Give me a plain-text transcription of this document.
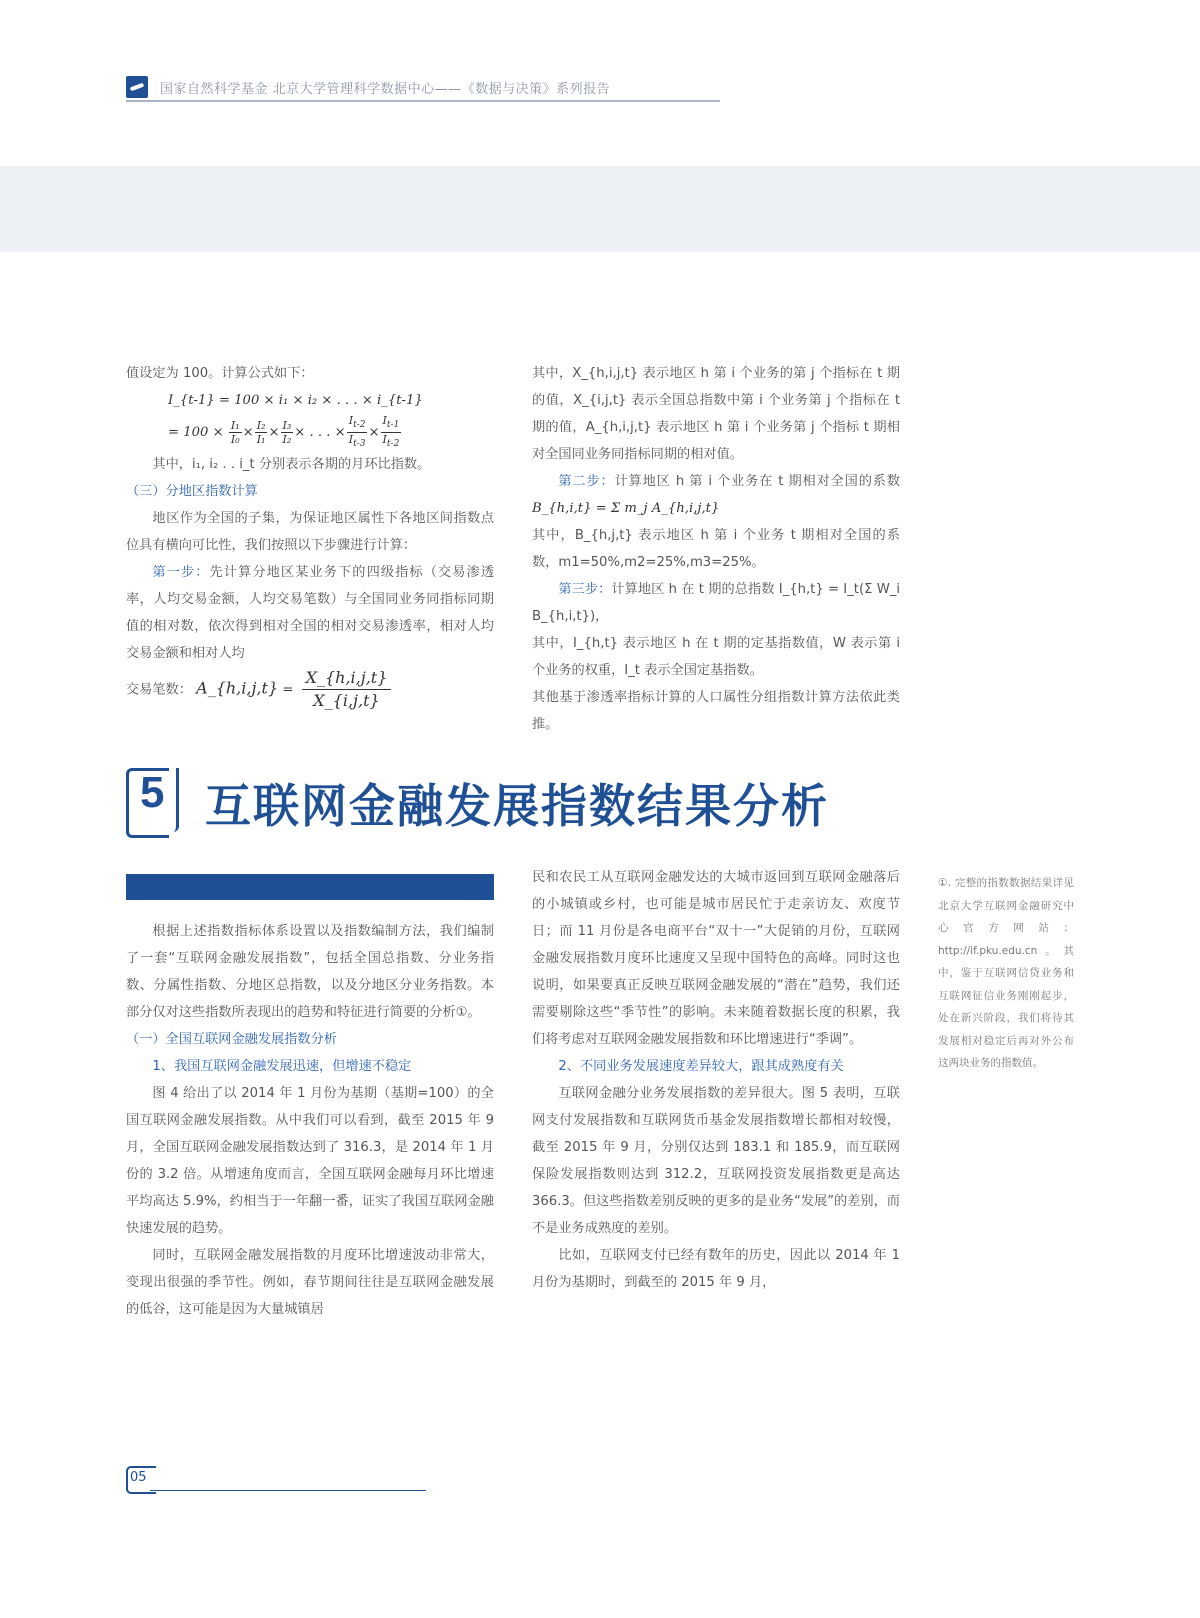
国家自然科学基金 北京大学管理科学数据中心——《数据与决策》系列报告

值设定为 100。计算公式如下：

I_{t-1} = 100 × i₁ × i₂ × . . . × i_{t-1}

= $100 \times \frac{\text{I₁}}{\text{I₀}} \times \frac{\text{I₂}}{\text{I₁}} \times \frac{\text{I₃}}{\text{I₂}}$ × . . . × $\frac{I_{t-2}}{I_{t-3}} \times \frac{I_{t-1}}{I_{t-2}}$

其中，i₁, i₂ . . i_t 分别表示各期的月环比指数。

（三）分地区指数计算

地区作为全国的子集，为保证地区属性下各地区间指数点位具有横向可比性，我们按照以下步骤进行计算：

第一步：先计算分地区某业务下的四级指标（交易渗透率，人均交易金额，人均交易笔数）与全国同业务同指标同期值的相对数，依次得到相对全国的相对交易渗透率，相对人均交易金额和相对人均

交易笔数： A_{h,i,j,t} = $\frac{X\_\{h,i,j,t\}}{X\_\{i,j,t\}}$

其中，X_{h,i,j,t} 表示地区 h 第 i 个业务的第 j 个指标在 t 期的值，X_{i,j,t} 表示全国总指数中第 i 个业务第 j 个指标在 t 期的值，A_{h,i,j,t} 表示地区 h 第 i 个业务第 j 个指标 t 期相对全国同业务同指标同期的相对值。

第二步：计算地区 h 第 i 个业务在 t 期相对全国的系数 B_{h,i,t} = Σ m_j A_{h,i,j,t}

其中，B_{h,j,t} 表示地区 h 第 i 个业务 t 期相对全国的系数，m1=50%,m2=25%,m3=25%。

第三步：计算地区 h 在 t 期的总指数 I_{h,t} = I_t(Σ W_i B_{h,i,t})，

其中，I_{h,t} 表示地区 h 在 t 期的定基指数值，W 表示第 i 个业务的权重，I_t 表示全国定基指数。

其他基于渗透率指标计算的人口属性分组指数计算方法依此类推。

5 互联网金融发展指数结果分析

根据上述指数指标体系设置以及指数编制方法，我们编制了一套“互联网金融发展指数”，包括全国总指数、分业务指数、分属性指数、分地区总指数，以及分地区分业务指数。本部分仅对这些指数所表现出的趋势和特征进行简要的分析①。

（一）全国互联网金融发展指数分析

1、我国互联网金融发展迅速，但增速不稳定

图 4 给出了以 2014 年 1 月份为基期（基期=100）的全国互联网金融发展指数。从中我们可以看到，截至 2015 年 9 月，全国互联网金融发展指数达到了 316.3，是 2014 年 1 月份的 3.2 倍。从增速角度而言，全国互联网金融每月环比增速平均高达 5.9%，约相当于一年翻一番，证实了我国互联网金融快速发展的趋势。

同时，互联网金融发展指数的月度环比增速波动非常大，变现出很强的季节性。例如，春节期间往往是互联网金融发展的低谷，这可能是因为大量城镇居

民和农民工从互联网金融发达的大城市返回到互联网金融落后的小城镇或乡村，也可能是城市居民忙于走亲访友、欢度节日；而 11 月份是各电商平台“双十一”大促销的月份，互联网金融发展指数月度环比速度又呈现中国特色的高峰。同时这也说明，如果要真正反映互联网金融发展的“潜在”趋势，我们还需要剔除这些“季节性”的影响。未来随着数据长度的积累，我们将考虑对互联网金融发展指数和环比增速进行“季调”。

2、不同业务发展速度差异较大，跟其成熟度有关

互联网金融分业务发展指数的差异很大。图 5 表明，互联网支付发展指数和互联网货币基金发展指数增长都相对较慢，截至 2015 年 9 月，分别仅达到 183.1 和 185.9，而互联网保险发展指数则达到 312.2，互联网投资发展指数更是高达 366.3。但这些指数差别反映的更多的是业务“发展”的差别，而不是业务成熟度的差别。

比如，互联网支付已经有数年的历史，因此以 2014 年 1 月份为基期时，到截至的 2015 年 9 月，

①. 完整的指数数据结果详见北京大学互联网金融研究中心官方网站：http://if.pku.edu.cn。其中，鉴于互联网信贷业务和互联网征信业务刚刚起步，处在新兴阶段，我们将待其发展相对稳定后再对外公布这两块业务的指数值。
05
